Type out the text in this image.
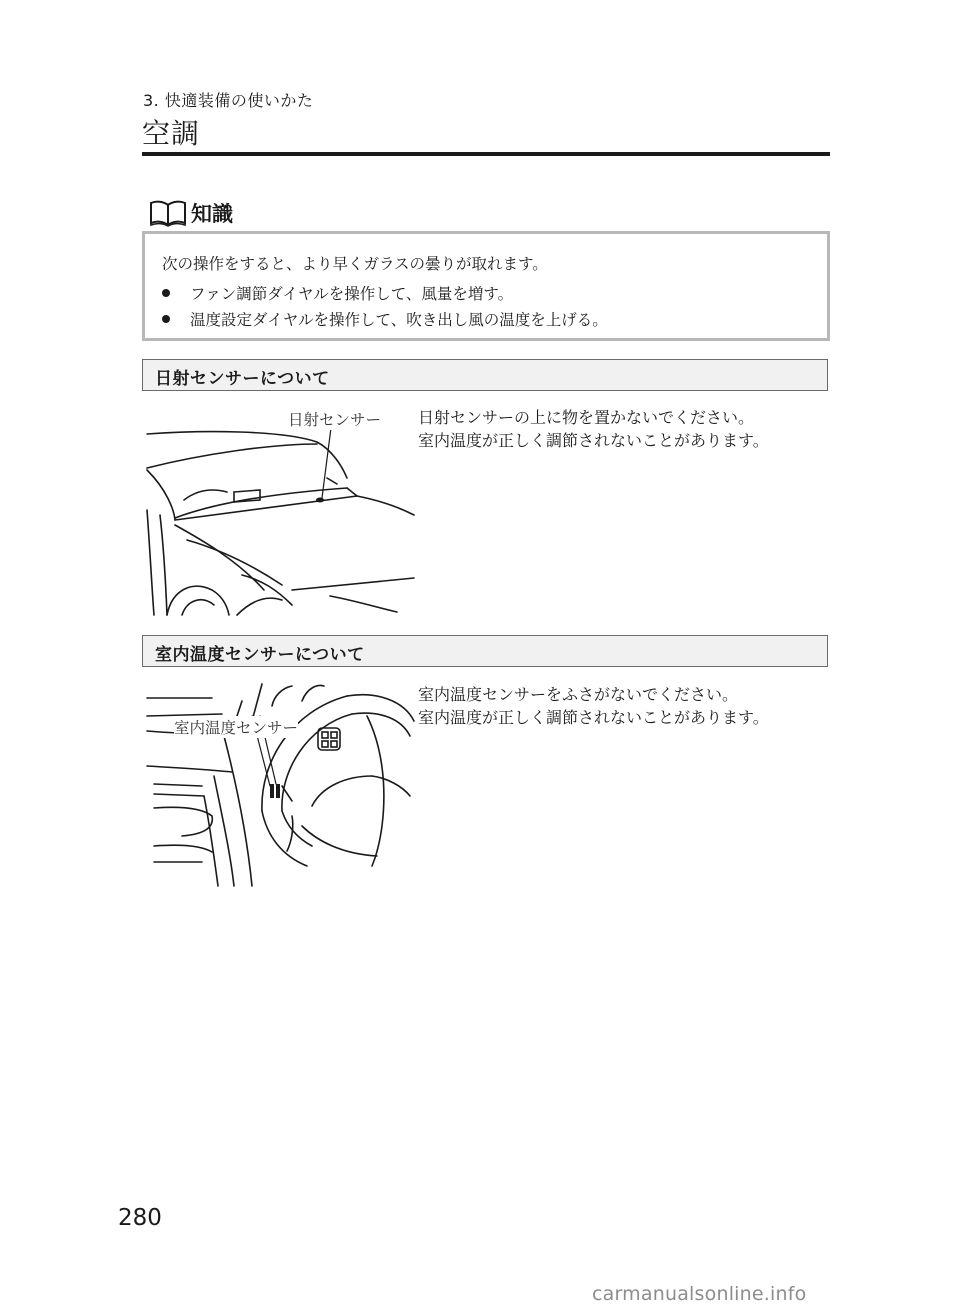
3. 快適装備の使いかた
空調
知識
次の操作をすると、より早くガラスの曇りが取れます。
ファン調節ダイヤルを操作して、風量を増す。
温度設定ダイヤルを操作して、吹き出し風の温度を上げる。
日射センサーについて
日射センサー 日射センサーの上に物を置かないでください。
室内温度が正しく調節されないことがあります。
室内温度センサーについて
室内温度センサー
室内温度センサーをふさがないでください。
室内温度が正しく調節されないことがあります。
280
carmanualsonline.info
